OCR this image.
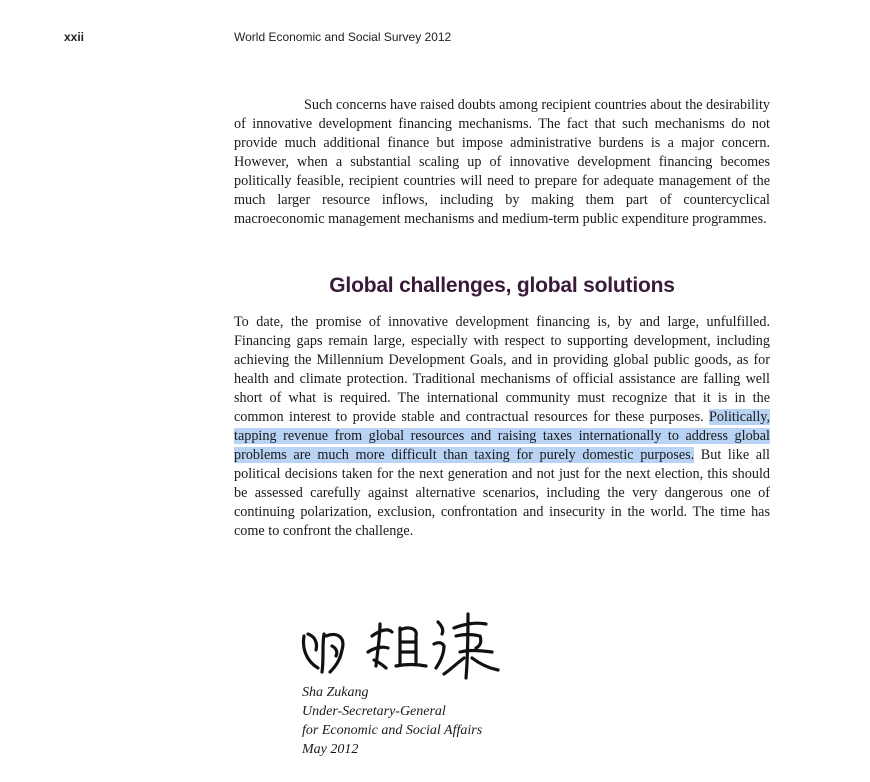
xxii	World Economic and Social Survey 2012

Such concerns have raised doubts among recipient countries about the desirability of innovative development financing mechanisms. The fact that such mechanisms do not provide much additional finance but impose administrative burdens is a major concern. However, when a substantial scaling up of innovative development financing becomes politically feasible, recipient countries will need to prepare for adequate management of the much larger resource inflows, including by making them part of countercyclical macroeconomic management mechanisms and medium-term public expenditure programmes.

Global challenges, global solutions

To date, the promise of innovative development financing is, by and large, unfulfilled. Financing gaps remain large, especially with respect to supporting development, including achieving the Millennium Development Goals, and in providing global public goods, as for health and climate protection. Traditional mechanisms of official assistance are falling well short of what is required. The international community must recognize that it is in the common interest to provide stable and contractual resources for these purposes. Politically, tapping revenue from global resources and raising taxes internationally to address global problems are much more difficult than taxing for purely domestic purposes. But like all political decisions taken for the next generation and not just for the next election, this should be assessed carefully against alternative scenarios, including the very dangerous one of continuing polarization, exclusion, confrontation and insecurity in the world. The time has come to confront the challenge.

Sha Zukang
Under-Secretary-General
for Economic and Social Affairs
May 2012
